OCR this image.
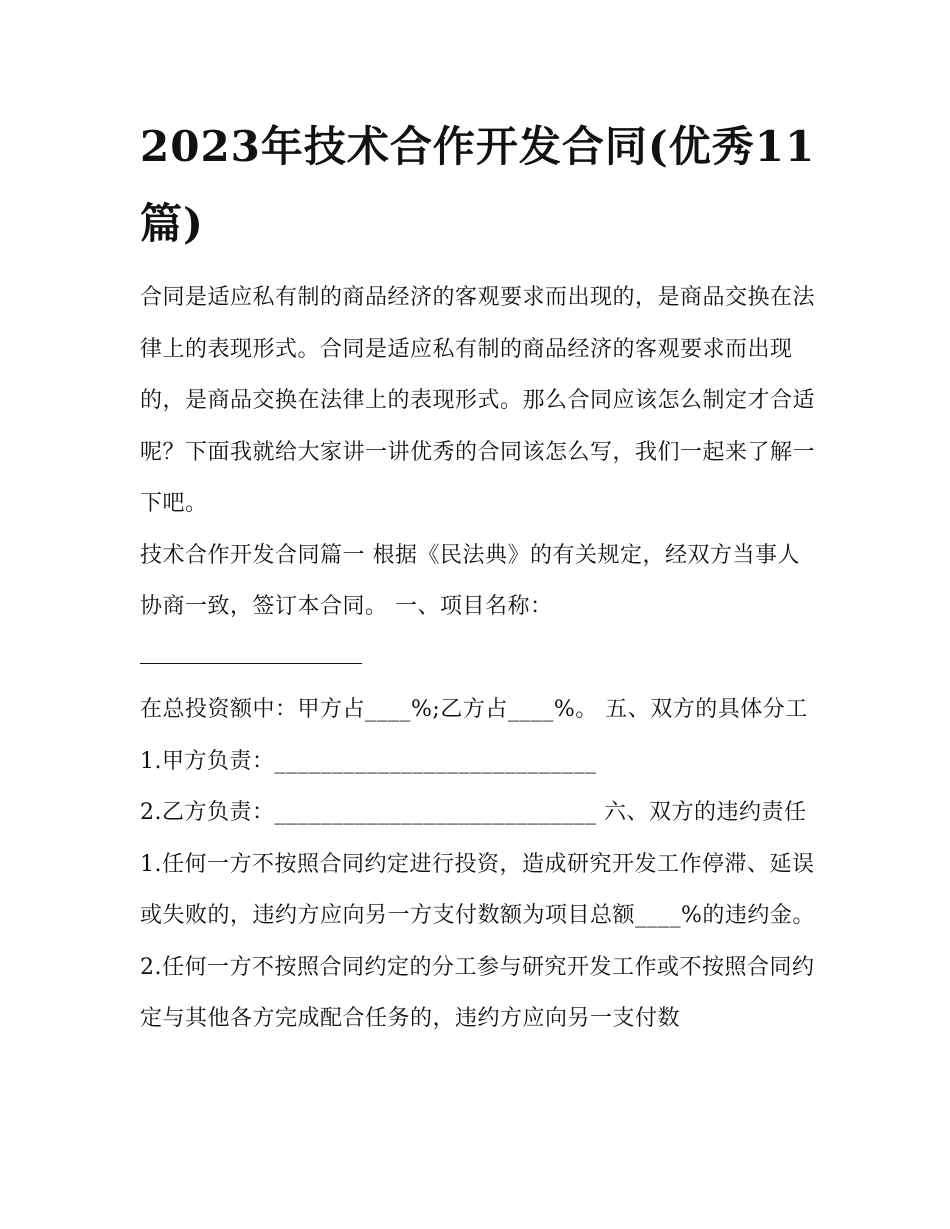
2023年技术合作开发合同(优秀11篇)

合同是适应私有制的商品经济的客观要求而出现的，是商品交换在法律上的表现形式。合同是适应私有制的商品经济的客观要求而出现的，是商品交换在法律上的表现形式。那么合同应该怎么制定才合适呢？下面我就给大家讲一讲优秀的合同该怎么写，我们一起来了解一下吧。

技术合作开发合同篇一 根据《民法典》的有关规定，经双方当事人协商一致，签订本合同。 一、项目名称：

在总投资额中：甲方占____%;乙方占____%。 五、双方的具体分工 1.甲方负责：____________________________

2.乙方负责：____________________________ 六、双方的违约责任

1.任何一方不按照合同约定进行投资，造成研究开发工作停滞、延误或失败的，违约方应向另一方支付数额为项目总额____%的违约金。

2.任何一方不按照合同约定的分工参与研究开发工作或不按照合同约定与其他各方完成配合任务的，违约方应向另一支付数
